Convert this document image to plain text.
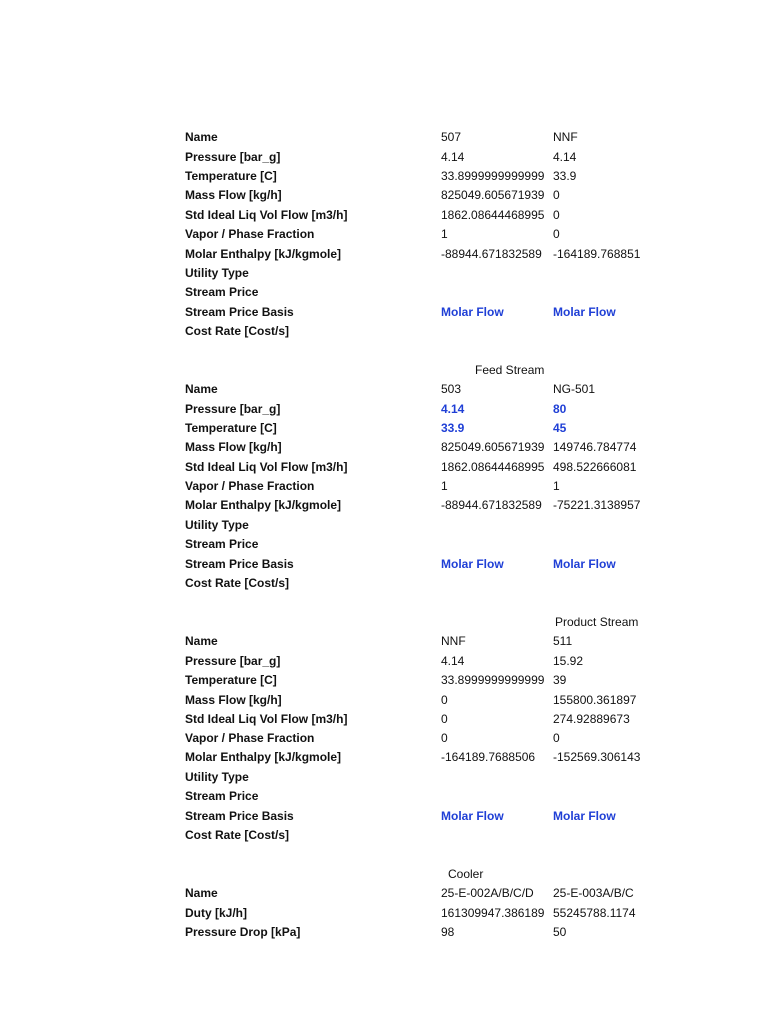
Name	507	NNF
Pressure [bar_g]	4.14	4.14
Temperature [C]	33.8999999999999 33.9
Mass Flow [kg/h]	825049.605671939 0
Std Ideal Liq Vol Flow [m3/h]	1862.08644468995 0
Vapor / Phase Fraction	1	0
Molar Enthalpy [kJ/kgmole]	-88944.671832589 -164189.768851
Utility Type
Stream Price
Stream Price Basis	Molar Flow	Molar Flow
Cost Rate [Cost/s]
Feed Stream
Name	503	NG-501
Pressure [bar_g]	4.14	80
Temperature [C]	33.9	45
Mass Flow [kg/h]	825049.605671939 149746.784774
Std Ideal Liq Vol Flow [m3/h]	1862.08644468995 498.522666081
Vapor / Phase Fraction	1	1
Molar Enthalpy [kJ/kgmole]	-88944.671832589 -75221.3138957
Utility Type
Stream Price
Stream Price Basis	Molar Flow	Molar Flow
Cost Rate [Cost/s]
Product Stream
Name	NNF	511
Pressure [bar_g]	4.14	15.92
Temperature [C]	33.8999999999999 39
Mass Flow [kg/h]	0	155800.361897
Std Ideal Liq Vol Flow [m3/h]	0	274.92889673
Vapor / Phase Fraction	0	0
Molar Enthalpy [kJ/kgmole]	-164189.7688506 -152569.306143
Utility Type
Stream Price
Stream Price Basis	Molar Flow	Molar Flow
Cost Rate [Cost/s]
Cooler
Name	25-E-002A/B/C/D 25-E-003A/B/C
Duty [kJ/h]	161309947.386189 55245788.1174
Pressure Drop [kPa]	98	50
